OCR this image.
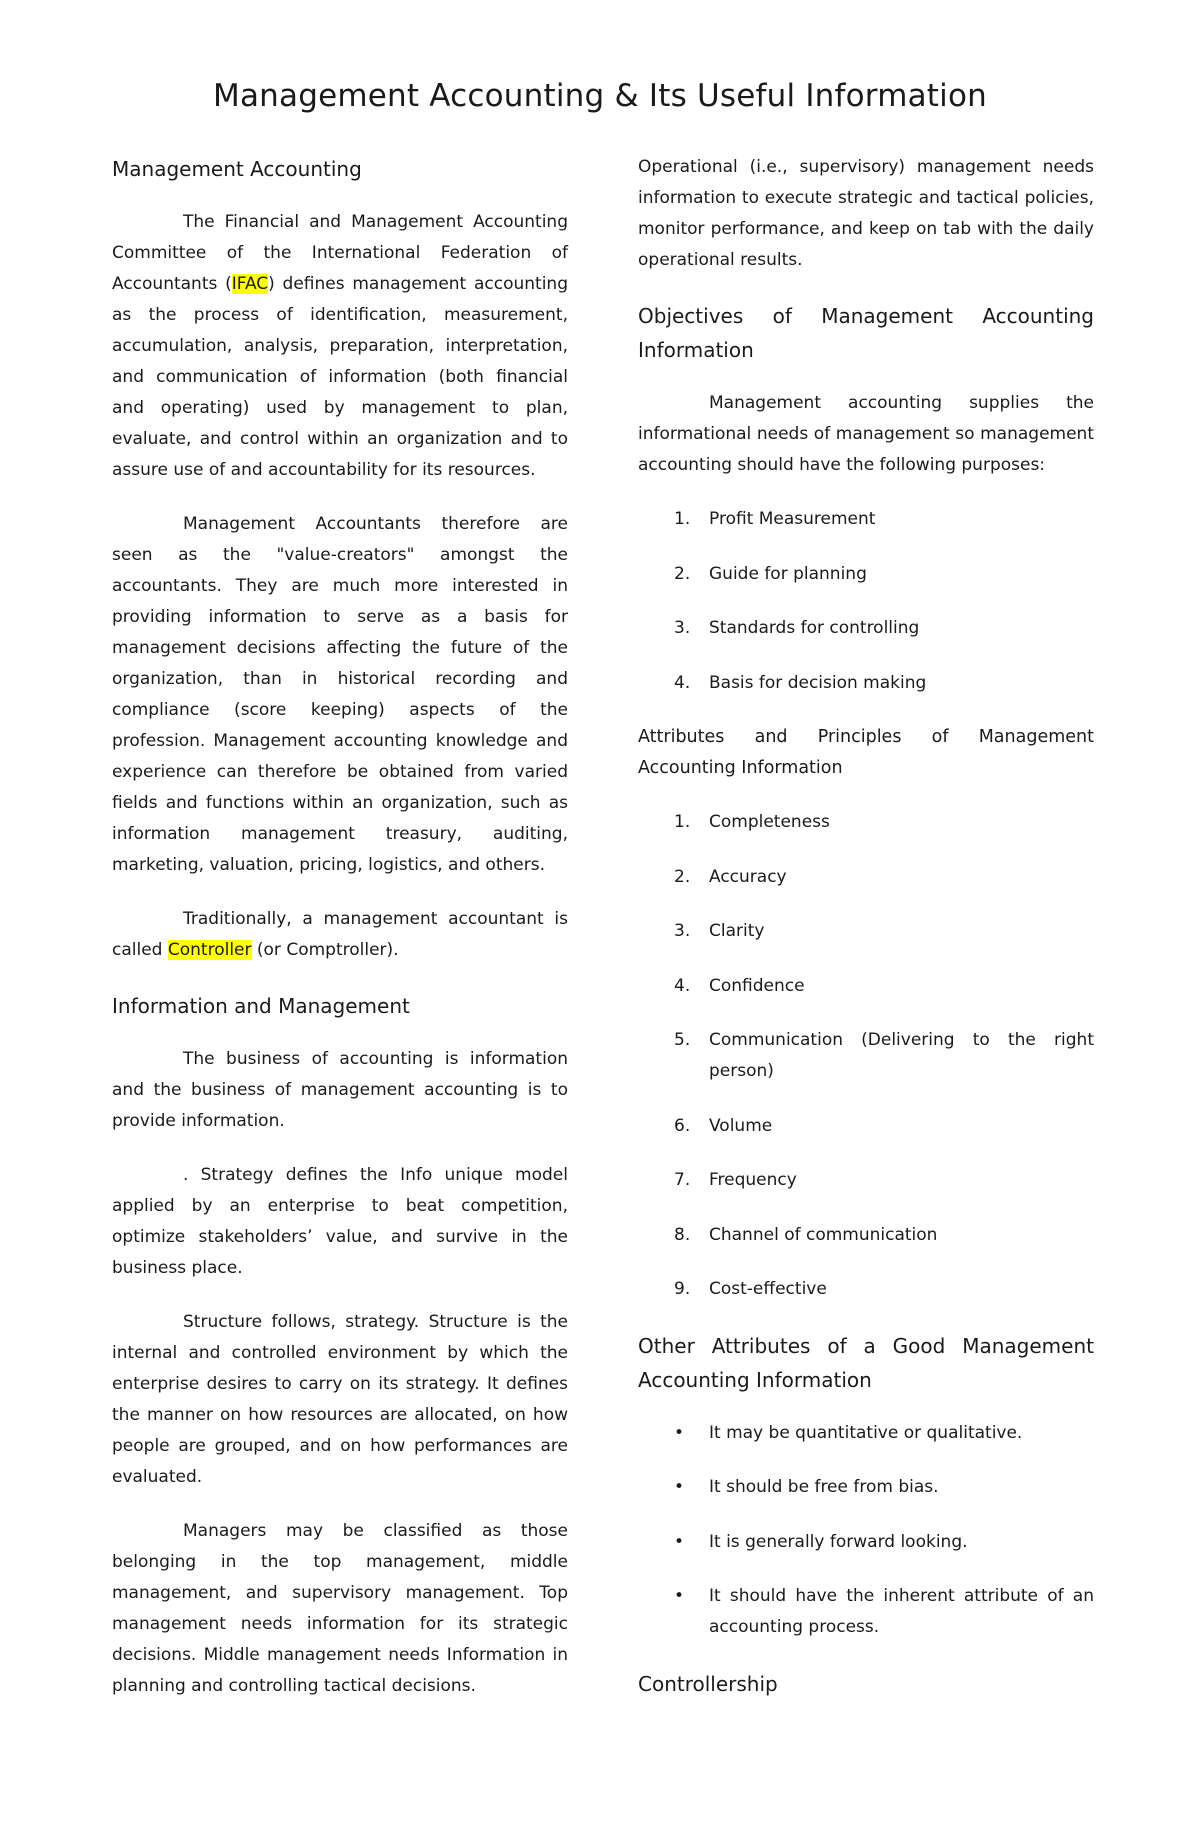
Management Accounting & Its Useful Information

Management Accounting

The Financial and Management Accounting Committee of the International Federation of Accountants (IFAC) defines management accounting as the process of identification, measurement, accumulation, analysis, preparation, interpretation, and communication of information (both financial and operating) used by management to plan, evaluate, and control within an organization and to assure use of and accountability for its resources.

Management Accountants therefore are seen as the "value-creators" amongst the accountants. They are much more interested in providing information to serve as a basis for management decisions affecting the future of the organization, than in historical recording and compliance (score keeping) aspects of the profession. Management accounting knowledge and experience can therefore be obtained from varied fields and functions within an organization, such as information management treasury, auditing, marketing, valuation, pricing, logistics, and others.

Traditionally, a management accountant is called Controller (or Comptroller).

Information and Management

The business of accounting is information and the business of management accounting is to provide information.

. Strategy defines the Info unique model applied by an enterprise to beat competition, optimize stakeholders’ value, and survive in the business place.

Structure follows, strategy. Structure is the internal and controlled environment by which the enterprise desires to carry on its strategy. It defines the manner on how resources are allocated, on how people are grouped, and on how performances are evaluated.

Managers may be classified as those belonging in the top management, middle management, and supervisory management. Top management needs information for its strategic decisions. Middle management needs Information in planning and controlling tactical decisions.

Operational (i.e., supervisory) management needs information to execute strategic and tactical policies, monitor performance, and keep on tab with the daily operational results.

Objectives of Management Accounting Information

Management accounting supplies the informational needs of management so management accounting should have the following purposes:

1. Profit Measurement
2. Guide for planning
3. Standards for controlling
4. Basis for decision making

Attributes and Principles of Management Accounting Information

1. Completeness
2. Accuracy
3. Clarity
4. Confidence
5. Communication (Delivering to the right person)
6. Volume
7. Frequency
8. Channel of communication
9. Cost-effective

Other Attributes of a Good Management Accounting Information

• It may be quantitative or qualitative.
• It should be free from bias.
• It is generally forward looking.
• It should have the inherent attribute of an accounting process.

Controllership
